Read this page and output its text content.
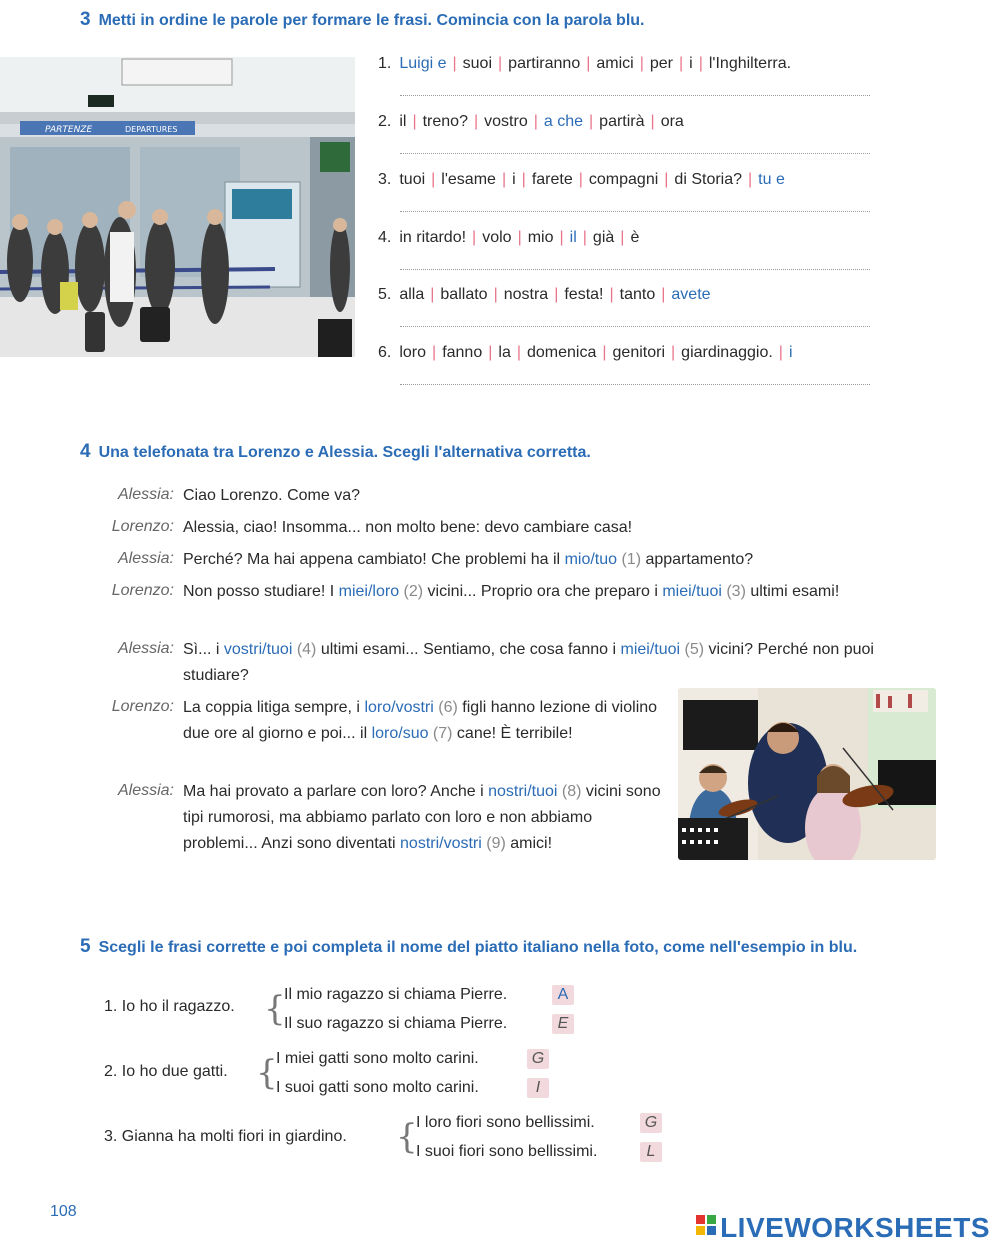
3 Metti in ordine le parole per formare le frasi. Comincia con la parola blu.
PARTENZE	DEPARTURES
1. Luigi e | suoi | partiranno | amici | per | i | l'Inghilterra.
2. il | treno? | vostro | a che | partirà | ora
3. tuoi | l'esame | i | farete | compagni | di Storia? | tu e
4. in ritardo! | volo | mio | il | già | è
5. alla | ballato | nostra | festa! | tanto | avete
6. loro | fanno | la | domenica | genitori | giardinaggio. | i
4 Una telefonata tra Lorenzo e Alessia. Scegli l'alternativa corretta.
Alessia: Ciao Lorenzo. Come va?
Lorenzo: Alessia, ciao! Insomma... non molto bene: devo cambiare casa!
Alessia: Perché? Ma hai appena cambiato! Che problemi ha il mio/tuo (1) appartamento?
Lorenzo: Non posso studiare! I miei/loro (2) vicini... Proprio ora che preparo i miei/tuoi (3) ultimi esami!
Alessia: Sì... i vostri/tuoi (4) ultimi esami... Sentiamo, che cosa fanno i miei/tuoi (5) vicini? Perché non puoi studiare?
Lorenzo: La coppia litiga sempre, i loro/vostri (6) figli hanno lezione di violino due ore al giorno e poi... il loro/suo (7) cane! È terribile!
Alessia: Ma hai provato a parlare con loro? Anche i nostri/tuoi (8) vicini sono tipi rumorosi, ma abbiamo parlato con loro e non abbiamo problemi... Anzi sono diventati nostri/vostri (9) amici!
5 Scegli le frasi corrette e poi completa il nome del piatto italiano nella foto, come nell'esempio in blu.
1. Io ho il ragazzo. {
Il mio ragazzo si chiama Pierre.	A
Il suo ragazzo si chiama Pierre.	E
2. Io ho due gatti. {
I miei gatti sono molto carini.	G
I suoi gatti sono molto carini.	I
3. Gianna ha molti fiori in giardino. {
I loro fiori sono bellissimi.	G
I suoi fiori sono bellissimi.	L
108
LIVEWORKSHEETS
